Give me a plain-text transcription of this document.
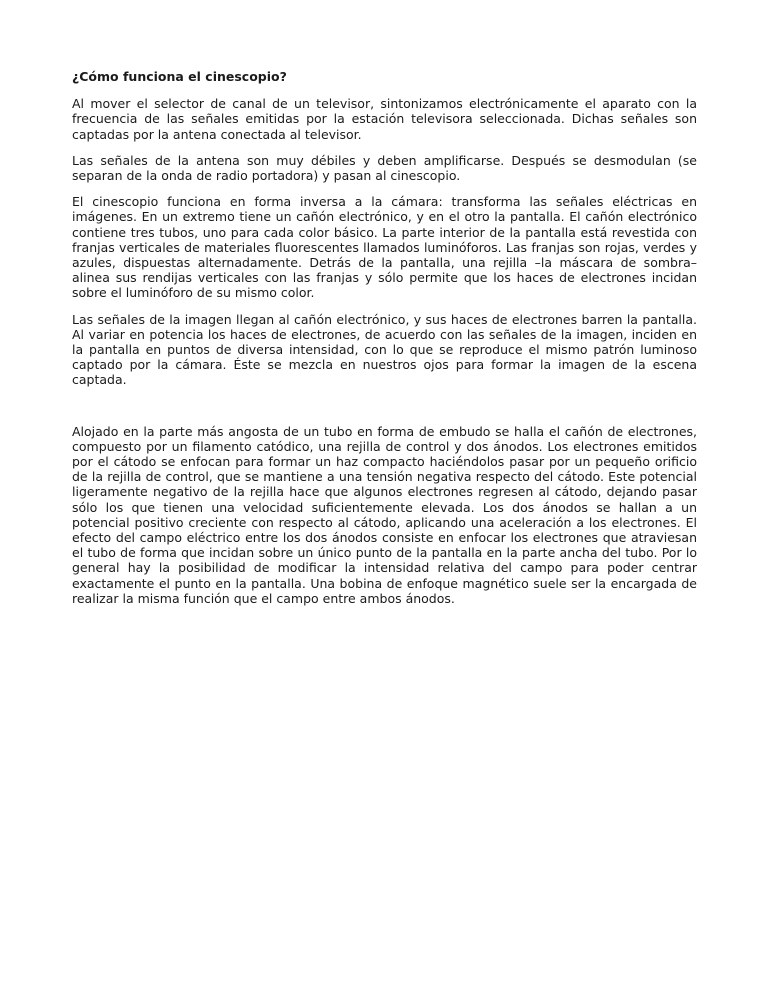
¿Cómo funciona el cinescopio?

Al mover el selector de canal de un televisor, sintonizamos electrónicamente el aparato con la frecuencia de las señales emitidas por la estación televisora seleccionada. Dichas señales son captadas por la antena conectada al televisor.

Las señales de la antena son muy débiles y deben amplificarse. Después se desmodulan (se separan de la onda de radio portadora) y pasan al cinescopio.

El cinescopio funciona en forma inversa a la cámara: transforma las señales eléctricas en imágenes. En un extremo tiene un cañón electrónico, y en el otro la pantalla. El cañón electrónico contiene tres tubos, uno para cada color básico. La parte interior de la pantalla está revestida con franjas verticales de materiales fluorescentes llamados luminóforos. Las franjas son rojas, verdes y azules, dispuestas alternadamente. Detrás de la pantalla, una rejilla –la máscara de sombra– alinea sus rendijas verticales con las franjas y sólo permite que los haces de electrones incidan sobre el luminóforo de su mismo color.

Las señales de la imagen llegan al cañón electrónico, y sus haces de electrones barren la pantalla. Al variar en potencia los haces de electrones, de acuerdo con las señales de la imagen, inciden en la pantalla en puntos de diversa intensidad, con lo que se reproduce el mismo patrón luminoso captado por la cámara. Éste se mezcla en nuestros ojos para formar la imagen de la escena captada.

Alojado en la parte más angosta de un tubo en forma de embudo se halla el cañón de electrones, compuesto por un filamento catódico, una rejilla de control y dos ánodos. Los electrones emitidos por el cátodo se enfocan para formar un haz compacto haciéndolos pasar por un pequeño orificio de la rejilla de control, que se mantiene a una tensión negativa respecto del cátodo. Este potencial ligeramente negativo de la rejilla hace que algunos electrones regresen al cátodo, dejando pasar sólo los que tienen una velocidad suficientemente elevada. Los dos ánodos se hallan a un potencial positivo creciente con respecto al cátodo, aplicando una aceleración a los electrones. El efecto del campo eléctrico entre los dos ánodos consiste en enfocar los electrones que atraviesan el tubo de forma que incidan sobre un único punto de la pantalla en la parte ancha del tubo. Por lo general hay la posibilidad de modificar la intensidad relativa del campo para poder centrar exactamente el punto en la pantalla. Una bobina de enfoque magnético suele ser la encargada de realizar la misma función que el campo entre ambos ánodos.
